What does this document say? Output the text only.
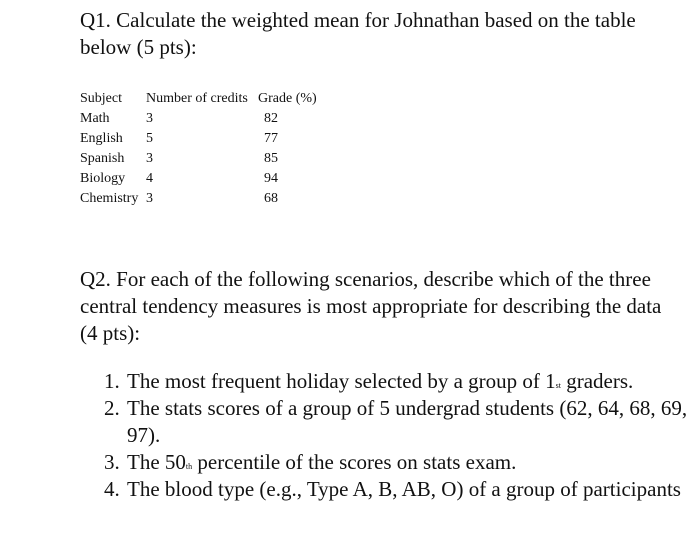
Q1. Calculate the weighted mean for Johnathan based on the table below (5 pts):

Subject	Number of credits	Grade (%)
Math	3	82
English	5	77
Spanish	3	85
Biology	4	94
Chemistry	3	68

Q2. For each of the following scenarios, describe which of the three central tendency measures is most appropriate for describing the data (4 pts):

1. The most frequent holiday selected by a group of 1st graders.
2. The stats scores of a group of 5 undergrad students (62, 64, 68, 69, 97).
3. The 50th percentile of the scores on stats exam.
4. The blood type (e.g., Type A, B, AB, O) of a group of participants
